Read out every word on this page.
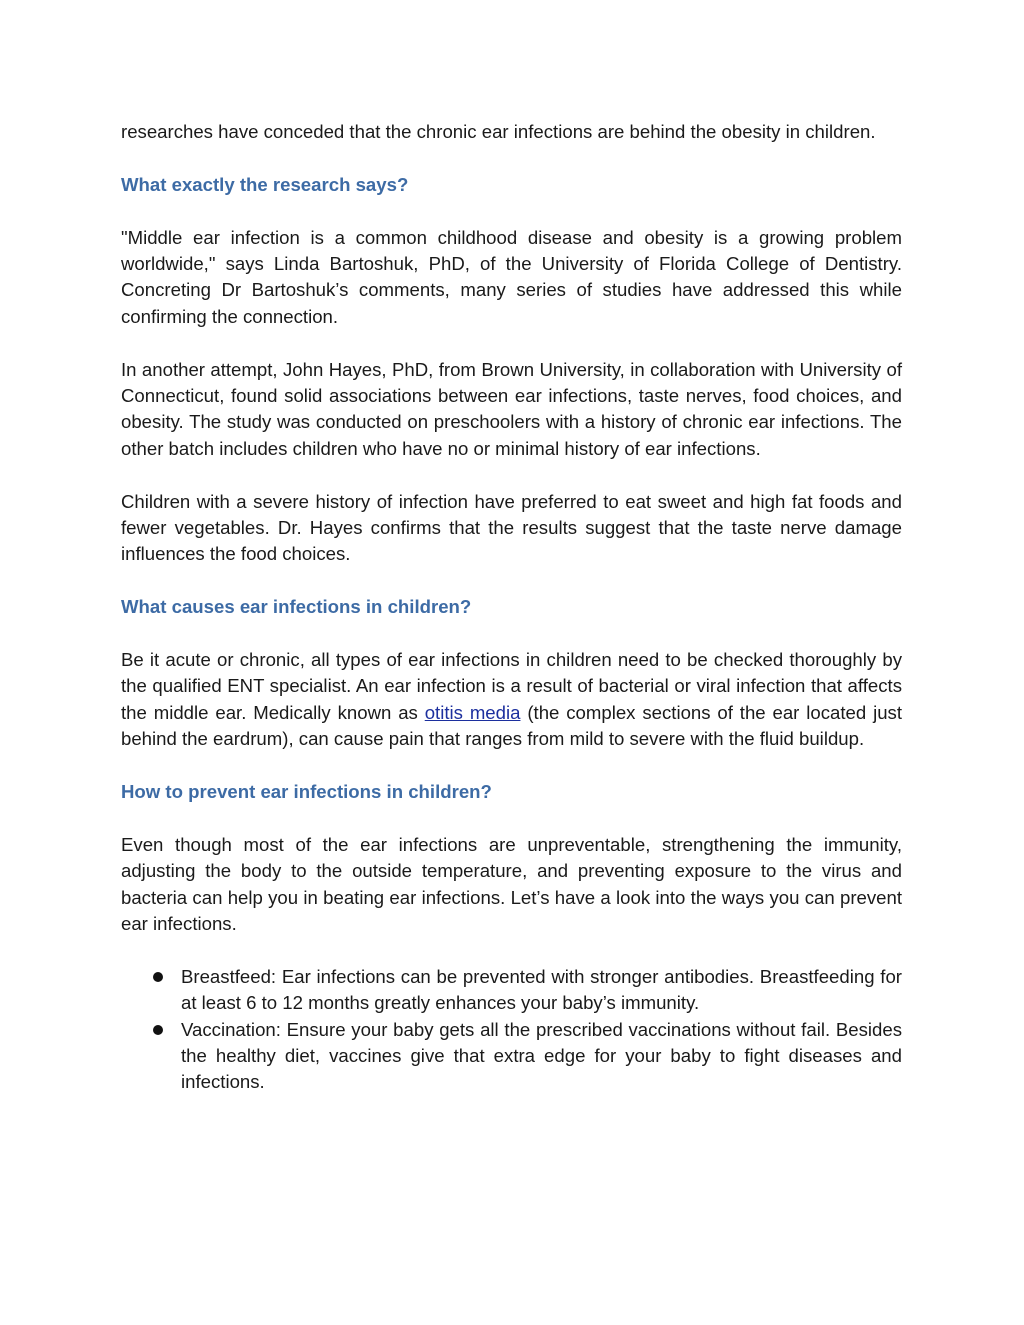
researches have conceded that the chronic ear infections are behind the obesity in children.

What exactly the research says?

"Middle ear infection is a common childhood disease and obesity is a growing problem worldwide," says Linda Bartoshuk, PhD, of the University of Florida College of Dentistry. Concreting Dr Bartoshuk’s comments, many series of studies have addressed this while confirming the connection.

In another attempt, John Hayes, PhD, from Brown University, in collaboration with University of Connecticut, found solid associations between ear infections, taste nerves, food choices, and obesity. The study was conducted on preschoolers with a history of chronic ear infections. The other batch includes children who have no or minimal history of ear infections.

Children with a severe history of infection have preferred to eat sweet and high fat foods and fewer vegetables. Dr. Hayes confirms that the results suggest that the taste nerve damage influences the food choices.

What causes ear infections in children?

Be it acute or chronic, all types of ear infections in children need to be checked thoroughly by the qualified ENT specialist. An ear infection is a result of bacterial or viral infection that affects the middle ear. Medically known as otitis media (the complex sections of the ear located just behind the eardrum), can cause pain that ranges from mild to severe with the fluid buildup.

How to prevent ear infections in children?

Even though most of the ear infections are unpreventable, strengthening the immunity, adjusting the body to the outside temperature, and preventing exposure to the virus and bacteria can help you in beating ear infections. Let’s have a look into the ways you can prevent ear infections.

Breastfeed: Ear infections can be prevented with stronger antibodies. Breastfeeding for at least 6 to 12 months greatly enhances your baby’s immunity.
Vaccination: Ensure your baby gets all the prescribed vaccinations without fail. Besides the healthy diet, vaccines give that extra edge for your baby to fight diseases and infections.
